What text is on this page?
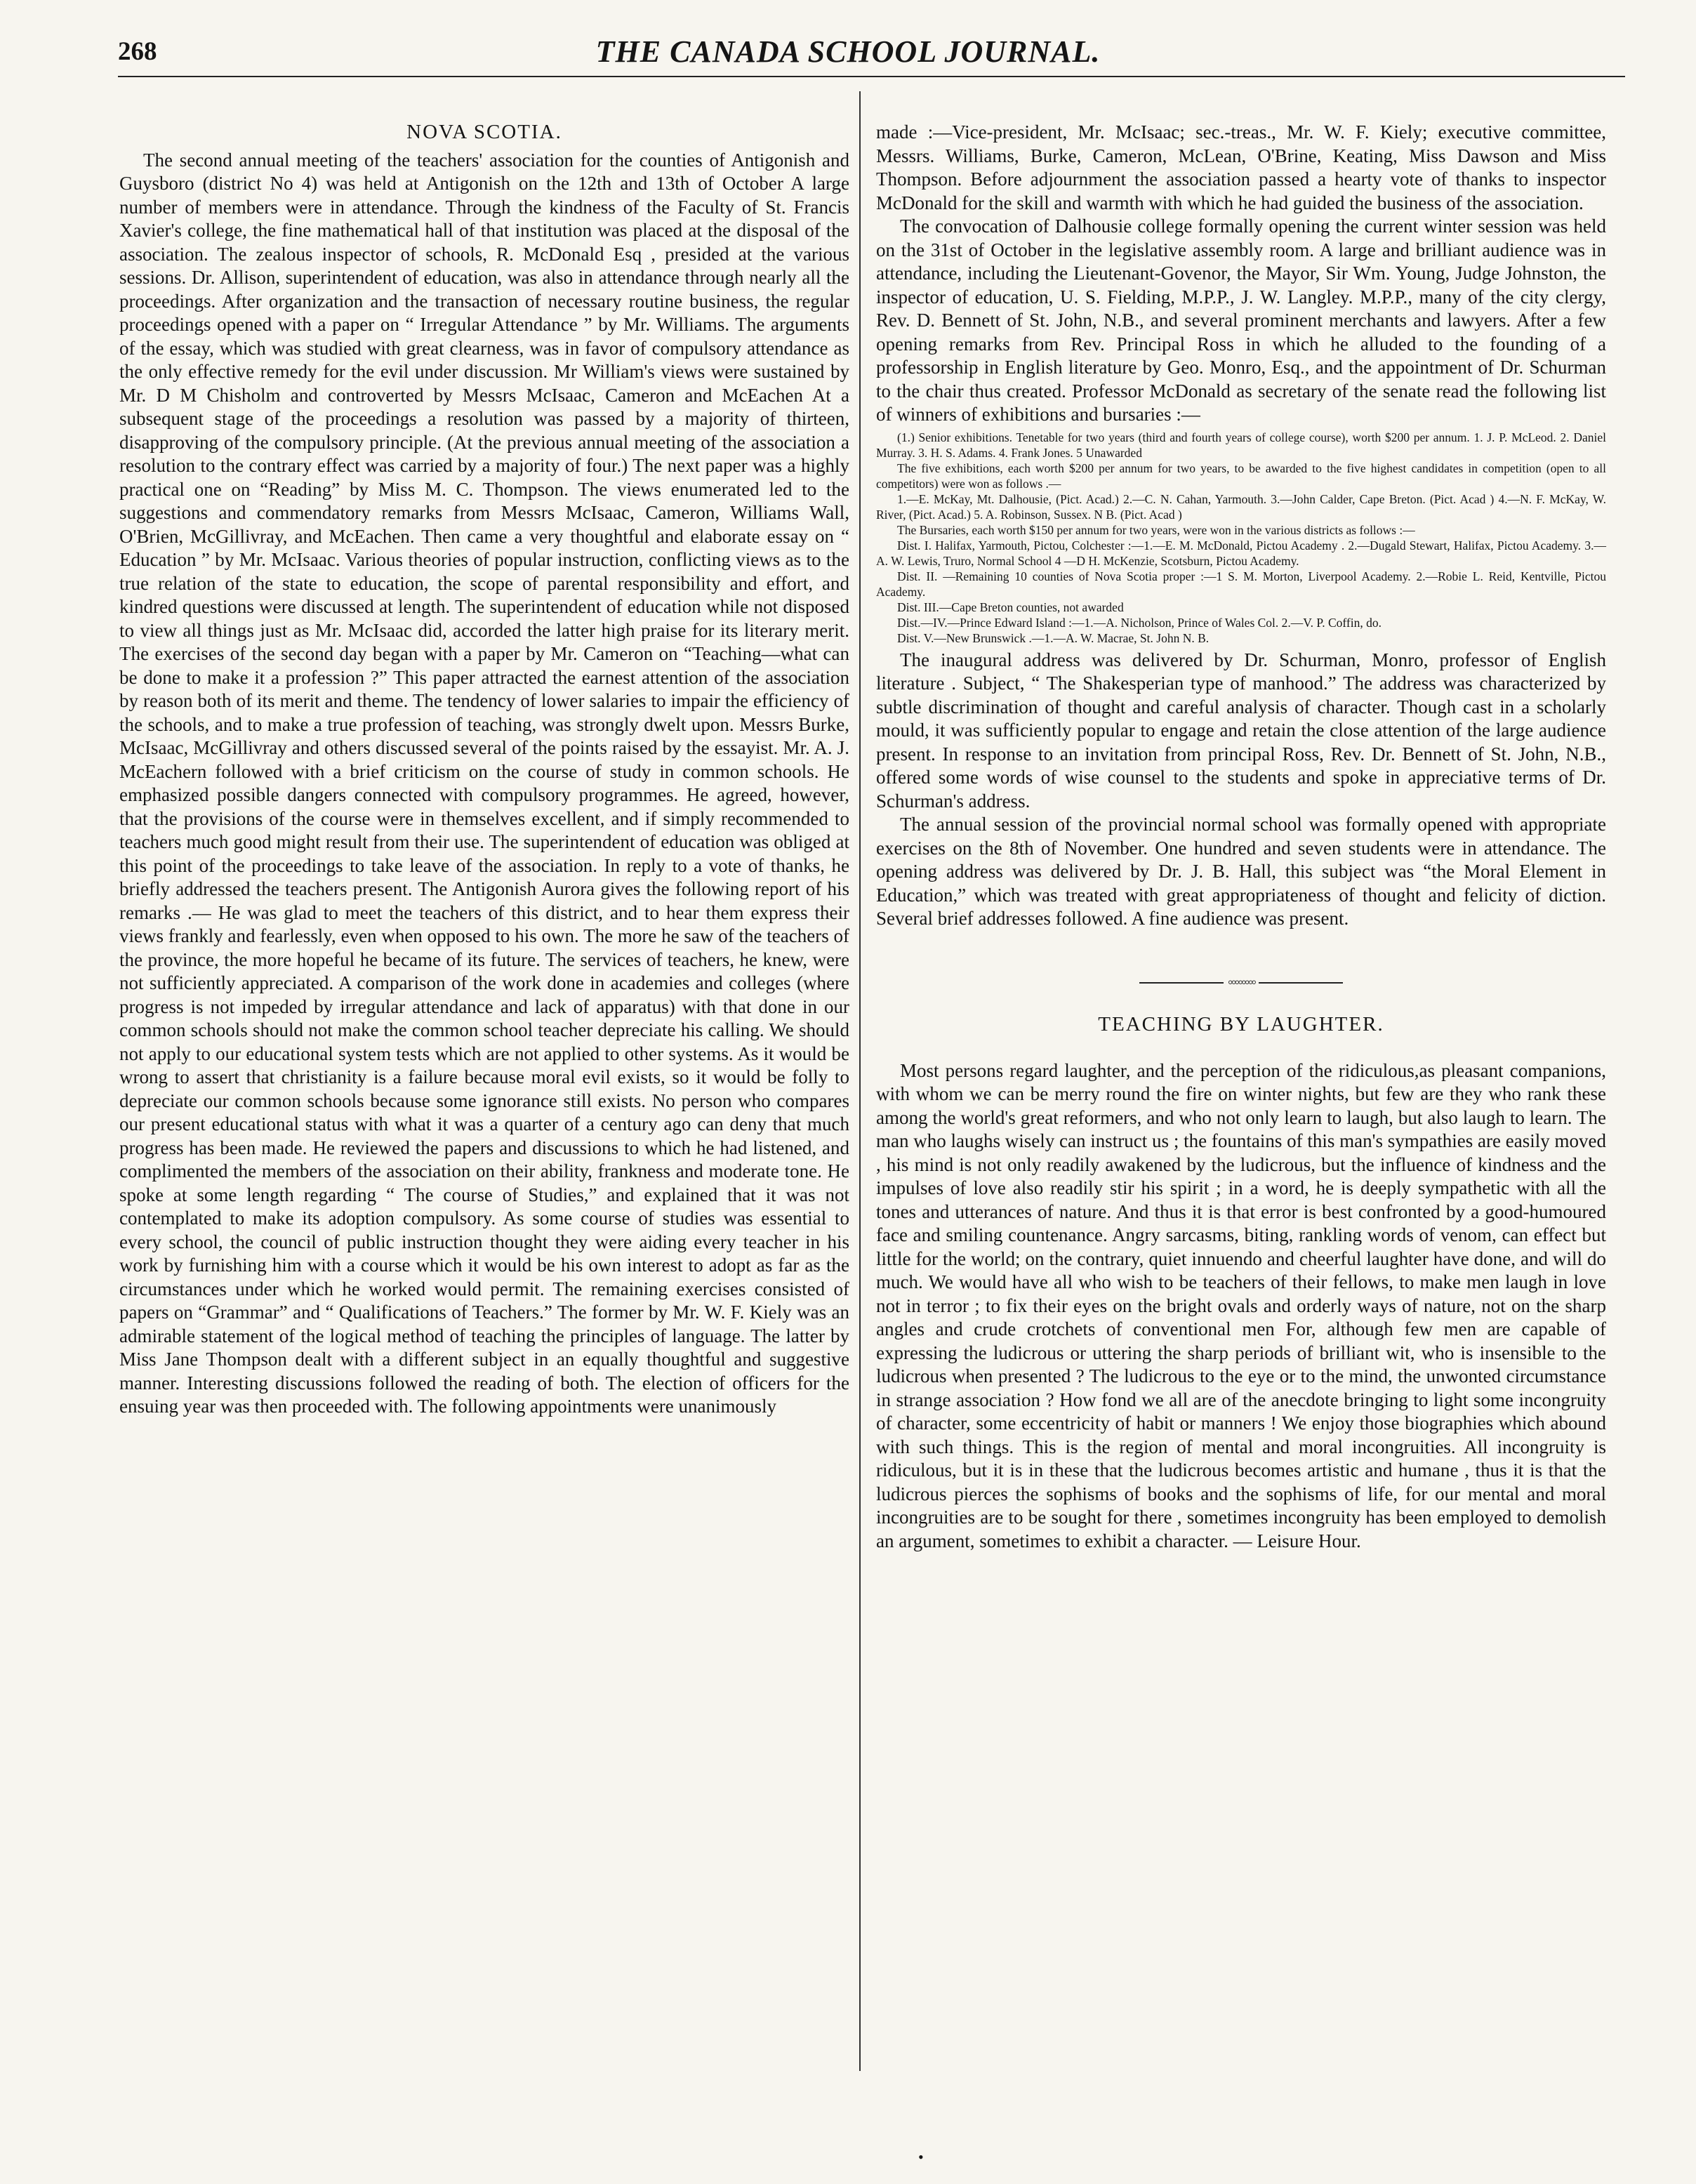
268	THE CANADA SCHOOL JOURNAL.
NOVA SCOTIA.

The second annual meeting of the teachers' association for the counties of Antigonish and Guysboro (district No 4) was held at Antigonish on the 12th and 13th of October A large number of members were in attendance. Through the kindness of the Faculty of St. Francis Xavier's college, the fine mathematical hall of that institution was placed at the disposal of the association. The zealous inspector of schools, R. McDonald Esq , presided at the various sessions. Dr. Allison, superintendent of education, was also in attendance through nearly all the proceedings. After organization and the transaction of necessary routine business, the regular proceedings opened with a paper on “ Irregular Attendance ” by Mr. Williams. The arguments of the essay, which was studied with great clearness, was in favor of compulsory attendance as the only effective remedy for the evil under discussion. Mr William's views were sustained by Mr. D M Chisholm and controverted by Messrs McIsaac, Cameron and McEachen At a subsequent stage of the proceedings a resolution was passed by a majority of thirteen, disapproving of the compulsory principle. (At the previous annual meeting of the association a resolution to the contrary effect was carried by a majority of four.) The next paper was a highly practical one on “Reading” by Miss M. C. Thompson. The views enumerated led to the suggestions and commendatory remarks from Messrs McIsaac, Cameron, Williams Wall, O'Brien, McGillivray, and McEachen. Then came a very thoughtful and elaborate essay on “ Education ” by Mr. McIsaac. Various theories of popular instruction, conflicting views as to the true relation of the state to education, the scope of parental responsibility and effort, and kindred questions were discussed at length. The superintendent of education while not disposed to view all things just as Mr. McIsaac did, accorded the latter high praise for its literary merit. The exercises of the second day began with a paper by Mr. Cameron on “Teaching—what can be done to make it a profession ?” This paper attracted the earnest attention of the association by reason both of its merit and theme. The tendency of lower salaries to impair the efficiency of the schools, and to make a true profession of teaching, was strongly dwelt upon. Messrs Burke, McIsaac, McGillivray and others discussed several of the points raised by the essayist. Mr. A. J. McEachern followed with a brief criticism on the course of study in common schools. He emphasized possible dangers connected with compulsory programmes. He agreed, however, that the provisions of the course were in themselves excellent, and if simply recommended to teachers much good might result from their use. The superintendent of education was obliged at this point of the proceedings to take leave of the association. In reply to a vote of thanks, he briefly addressed the teachers present. The Antigonish Aurora gives the following report of his remarks .— He was glad to meet the teachers of this district, and to hear them express their views frankly and fearlessly, even when opposed to his own. The more he saw of the teachers of the province, the more hopeful he became of its future. The services of teachers, he knew, were not sufficiently appreciated. A comparison of the work done in academies and colleges (where progress is not impeded by irregular attendance and lack of apparatus) with that done in our common schools should not make the common school teacher depreciate his calling. We should not apply to our educational system tests which are not applied to other systems. As it would be wrong to assert that christianity is a failure because moral evil exists, so it would be folly to depreciate our common schools because some ignorance still exists. No person who compares our present educational status with what it was a quarter of a century ago can deny that much progress has been made. He reviewed the papers and discussions to which he had listened, and complimented the members of the association on their ability, frankness and moderate tone. He spoke at some length regarding “ The course of Studies,” and explained that it was not contemplated to make its adoption compulsory. As some course of studies was essential to every school, the council of public instruction thought they were aiding every teacher in his work by furnishing him with a course which it would be his own interest to adopt as far as the circumstances under which he worked would permit. The remaining exercises consisted of papers on “Grammar” and “ Qualifications of Teachers.” The former by Mr. W. F. Kiely was an admirable statement of the logical method of teaching the principles of language. The latter by Miss Jane Thompson dealt with a different subject in an equally thoughtful and suggestive manner. Interesting discussions followed the reading of both. The election of officers for the ensuing year was then proceeded with. The following appointments were unanimously

made :—Vice-president, Mr. McIsaac; sec.-treas., Mr. W. F. Kiely; executive committee, Messrs. Williams, Burke, Cameron, McLean, O'Brine, Keating, Miss Dawson and Miss Thompson. Before adjournment the association passed a hearty vote of thanks to inspector McDonald for the skill and warmth with which he had guided the business of the association.

The convocation of Dalhousie college formally opening the current winter session was held on the 31st of October in the legislative assembly room. A large and brilliant audience was in attendance, including the Lieutenant-Govenor, the Mayor, Sir Wm. Young, Judge Johnston, the inspector of education, U. S. Fielding, M.P.P., J. W. Langley. M.P.P., many of the city clergy, Rev. D. Bennett of St. John, N.B., and several prominent merchants and lawyers. After a few opening remarks from Rev. Principal Ross in which he alluded to the founding of a professorship in English literature by Geo. Monro, Esq., and the appointment of Dr. Schurman to the chair thus created. Professor McDonald as secretary of the senate read the following list of winners of exhibitions and bursaries :—

(1.) Senior exhibitions. Tenetable for two years (third and fourth years of college course), worth $200 per annum. 1. J. P. McLeod. 2. Daniel Murray. 3. H. S. Adams. 4. Frank Jones. 5 Unawarded

The five exhibitions, each worth $200 per annum for two years, to be awarded to the five highest candidates in competition (open to all competitors) were won as follows .—

1.—E. McKay, Mt. Dalhousie, (Pict. Acad.) 2.—C. N. Cahan, Yarmouth. 3.—John Calder, Cape Breton. (Pict. Acad ) 4.—N. F. McKay, W. River, (Pict. Acad.) 5. A. Robinson, Sussex. N B. (Pict. Acad )

The Bursaries, each worth $150 per annum for two years, were won in the various districts as follows :—

Dist. I. Halifax, Yarmouth, Pictou, Colchester :—1.—E. M. McDonald, Pictou Academy . 2.—Dugald Stewart, Halifax, Pictou Academy. 3.—A. W. Lewis, Truro, Normal School 4 —D H. McKenzie, Scotsburn, Pictou Academy.

Dist. II. —Remaining 10 counties of Nova Scotia proper :—1 S. M. Morton, Liverpool Academy. 2.—Robie L. Reid, Kentville, Pictou Academy.

Dist. III.—Cape Breton counties, not awarded

Dist.—IV.—Prince Edward Island :—1.—A. Nicholson, Prince of Wales Col. 2.—V. P. Coffin, do.

Dist. V.—New Brunswick .—1.—A. W. Macrae, St. John N. B.

The inaugural address was delivered by Dr. Schurman, Monro, professor of English literature . Subject, “ The Shakesperian type of manhood.” The address was characterized by subtle discrimination of thought and careful analysis of character. Though cast in a scholarly mould, it was sufficiently popular to engage and retain the close attention of the large audience present. In response to an invitation from principal Ross, Rev. Dr. Bennett of St. John, N.B., offered some words of wise counsel to the students and spoke in appreciative terms of Dr. Schurman's address.

The annual session of the provincial normal school was formally opened with appropriate exercises on the 8th of November. One hundred and seven students were in attendance. The opening address was delivered by Dr. J. B. Hall, this subject was “the Moral Element in Education,” which was treated with great appropriateness of thought and felicity of diction. Several brief addresses followed. A fine audience was present.

◦◦◦◦◦◦◦◦
TEACHING BY LAUGHTER.

Most persons regard laughter, and the perception of the ridiculous,as pleasant companions, with whom we can be merry round the fire on winter nights, but few are they who rank these among the world's great reformers, and who not only learn to laugh, but also laugh to learn. The man who laughs wisely can instruct us ; the fountains of this man's sympathies are easily moved , his mind is not only readily awakened by the ludicrous, but the influence of kindness and the impulses of love also readily stir his spirit ; in a word, he is deeply sympathetic with all the tones and utterances of nature. And thus it is that error is best confronted by a good-humoured face and smiling countenance. Angry sarcasms, biting, rankling words of venom, can effect but little for the world; on the contrary, quiet innuendo and cheerful laughter have done, and will do much. We would have all who wish to be teachers of their fellows, to make men laugh in love not in terror ; to fix their eyes on the bright ovals and orderly ways of nature, not on the sharp angles and crude crotchets of conventional men For, although few men are capable of expressing the ludicrous or uttering the sharp periods of brilliant wit, who is insensible to the ludicrous when presented ? The ludicrous to the eye or to the mind, the unwonted circumstance in strange association ? How fond we all are of the anecdote bringing to light some incongruity of character, some eccentricity of habit or manners ! We enjoy those biographies which abound with such things. This is the region of mental and moral incongruities. All incongruity is ridiculous, but it is in these that the ludicrous becomes artistic and humane , thus it is that the ludicrous pierces the sophisms of books and the sophisms of life, for our mental and moral incongruities are to be sought for there , sometimes incongruity has been employed to demolish an argument, sometimes to exhibit a character. — Leisure Hour.

•
